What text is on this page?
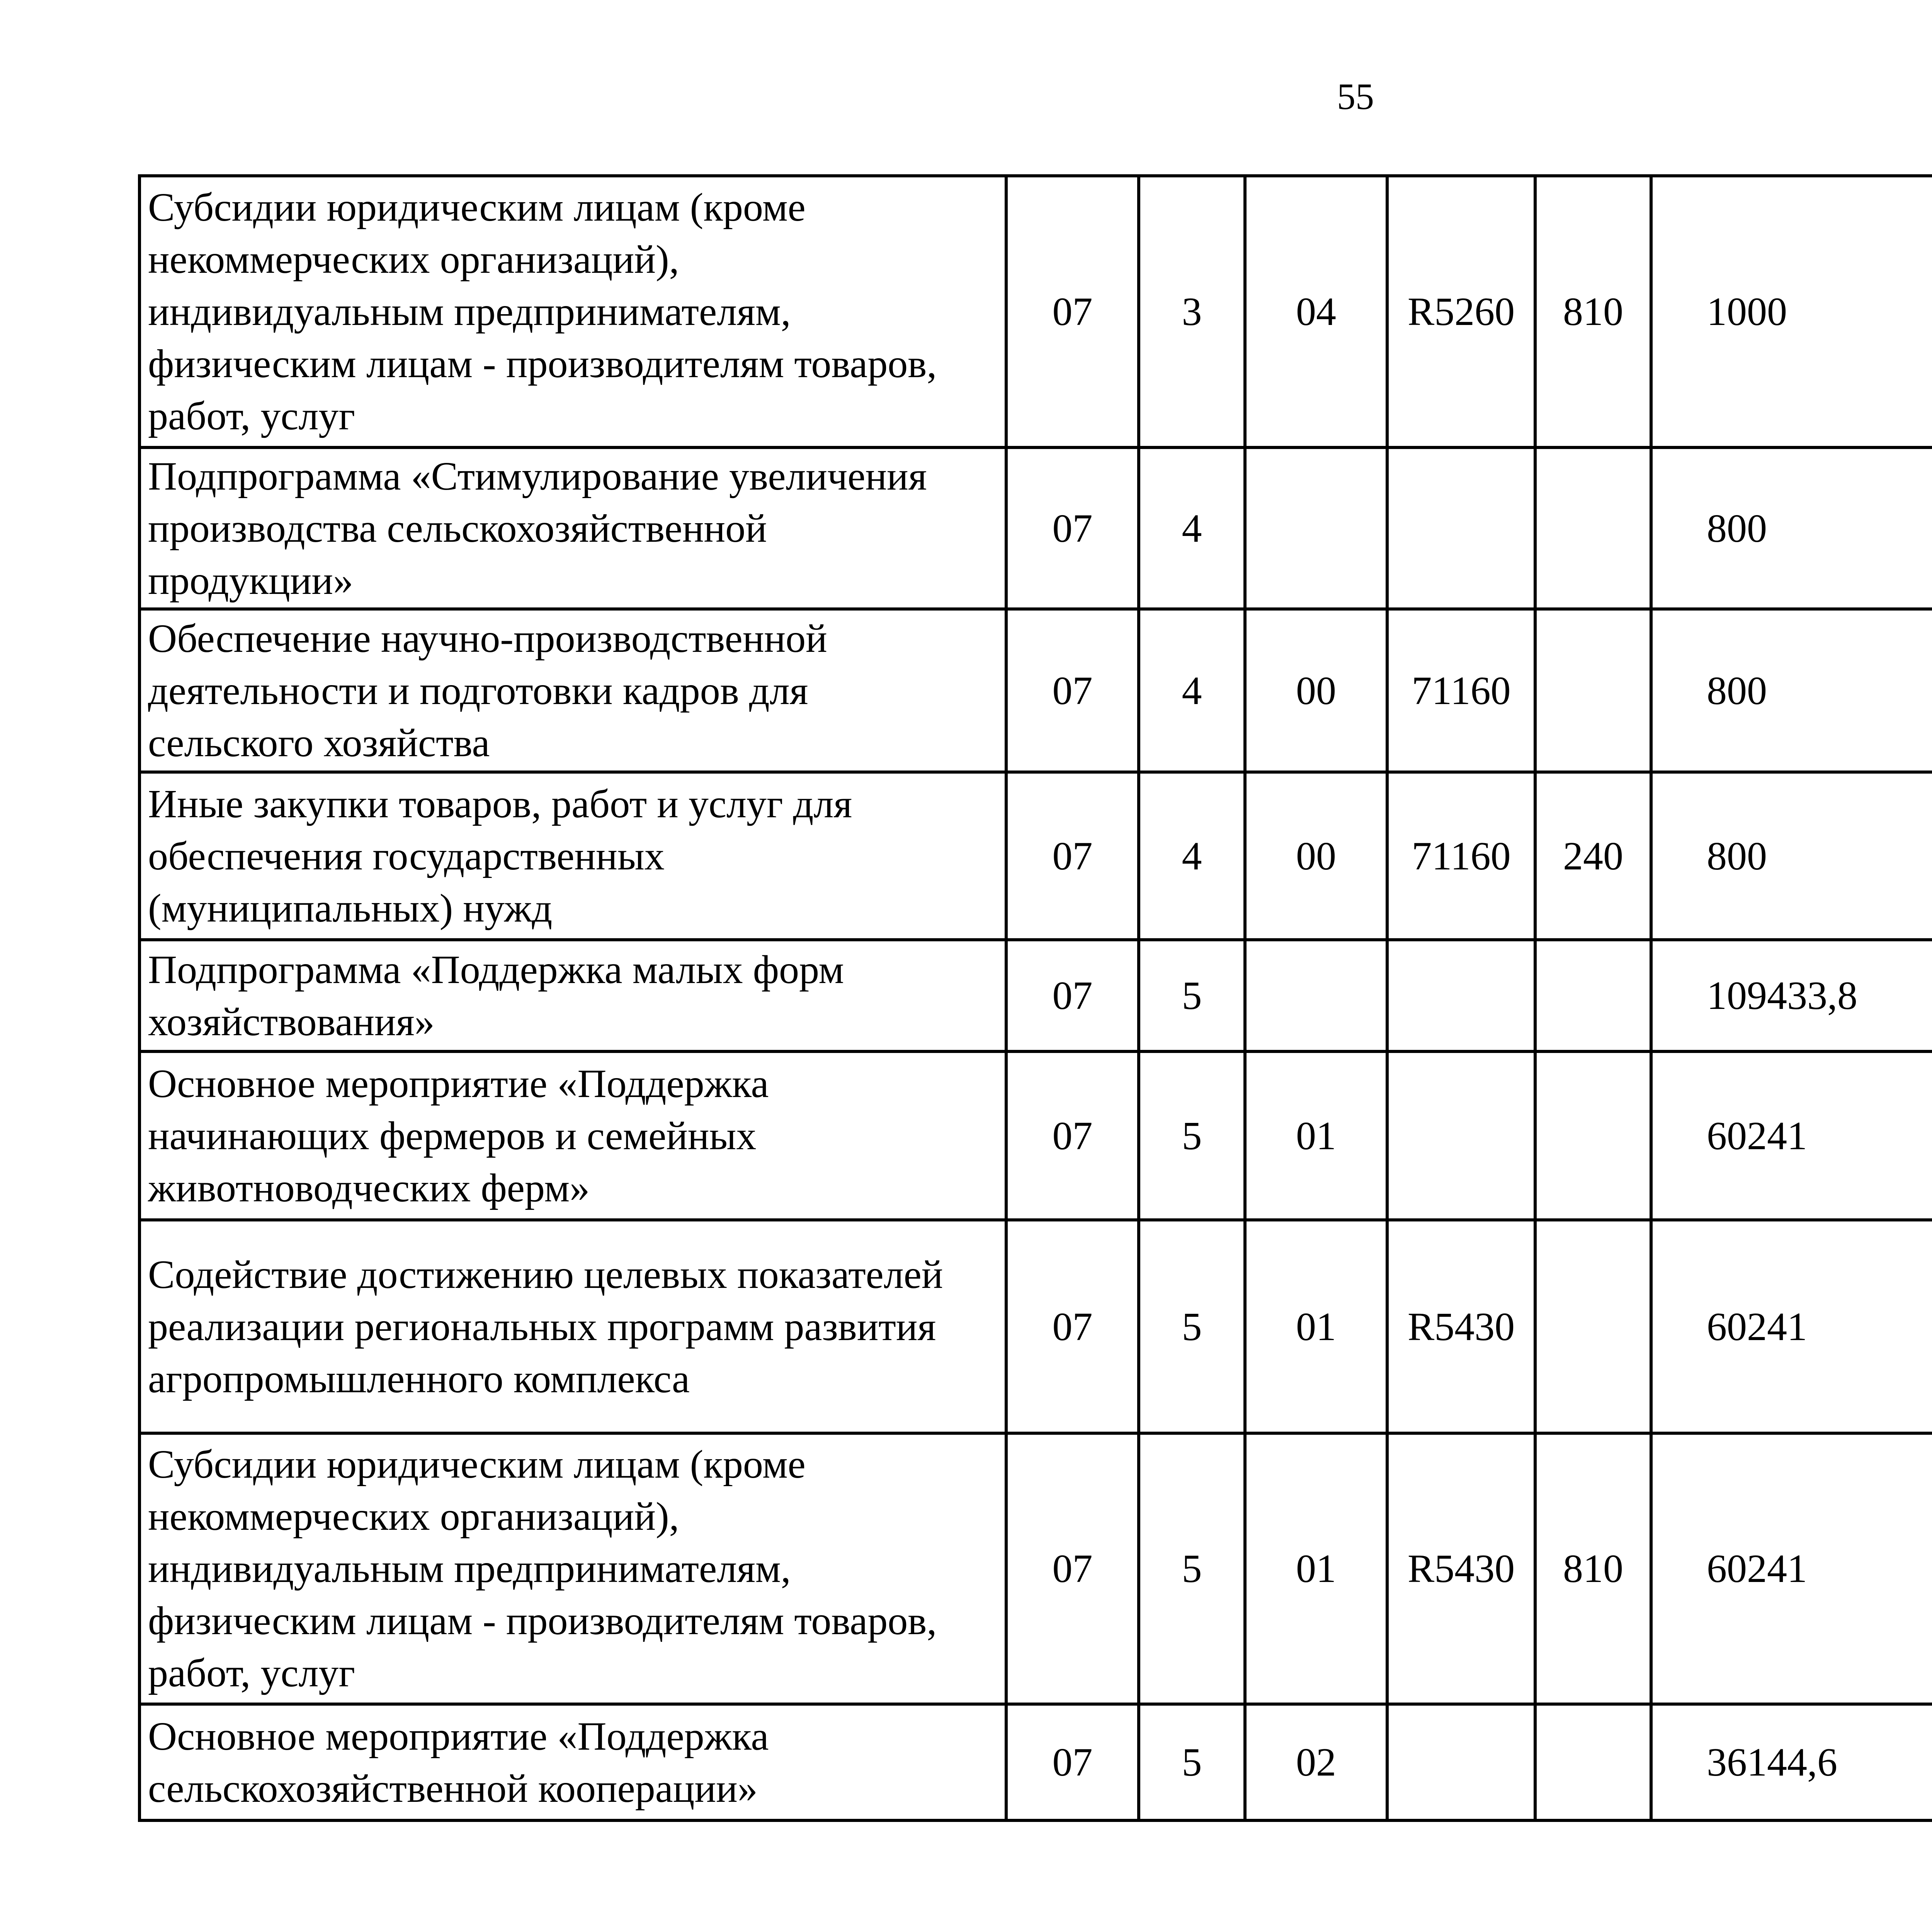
55
Субсидии юридическим лицам (кроме
некоммерческих организаций),
индивидуальным предпринимателям,
физическим лицам - производителям товаров,
работ, услуг	07	3	04	R5260	810	1000		

Подпрограмма «Стимулирование увеличения
производства сельскохозяйственной
продукции»	07	4				800		

Обеспечение научно-производственной
деятельности и подготовки кадров для
сельского хозяйства	07	4	00	71160		800		

Иные закупки товаров, работ и услуг для
обеспечения государственных
(муниципальных) нужд	07	4	00	71160	240	800		

Подпрограмма «Поддержка малых форм
хозяйствования»	07	5				109433,8		

Основное мероприятие «Поддержка
начинающих фермеров и семейных
животноводческих ферм»	07	5	01			60241		

Содействие достижению целевых показателей
реализации региональных программ развития
агропромышленного комплекса	07	5	01	R5430		60241		

Субсидии юридическим лицам (кроме
некоммерческих организаций),
индивидуальным предпринимателям,
физическим лицам - производителям товаров,
работ, услуг	07	5	01	R5430	810	60241		

Основное мероприятие «Поддержка
сельскохозяйственной кооперации»	07	5	02			36144,6		
